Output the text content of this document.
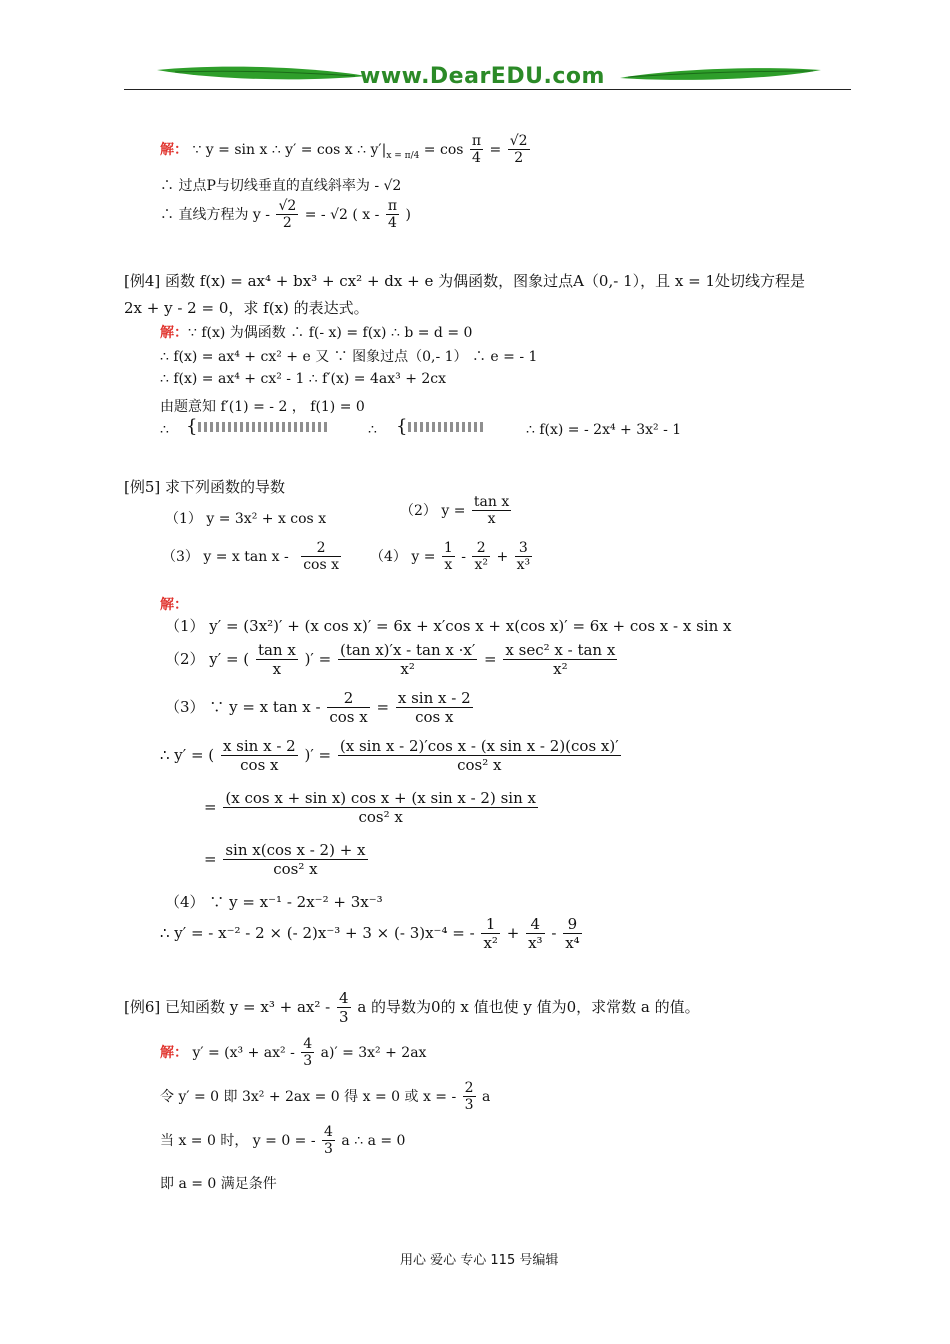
www.DearEDU.com
解： ∵ y = sin x ∴ y′ = cos x ∴ $y'|_{x = \pi/4} = \cos \frac{\pi}{4} = \frac{√2}{2}$
∴ 过点P与切线垂直的直线斜率为 - √2
∴ 直线方程为 y - $\frac{√2}{2}$ = - √2 ( x - $\frac{\pi}{4}$ )
[例4] 函数 f(x) = ax⁴ + bx³ + cx² + dx + e 为偶函数，图象过点A（0,- 1），且 x = 1处切线方程是
2x + y - 2 = 0，求 f(x) 的表达式。
解：∵ f(x) 为偶函数 ∴ f(- x) = f(x) ∴ b = d = 0
∴ f(x) = ax⁴ + cx² + e 又 ∵ 图象过点（0,- 1） ∴ e = - 1
∴ f(x) = ax⁴ + cx² - 1 ∴ f′(x) = 4ax³ + 2cx
由题意知 f′(1) = - 2 ， f(1) = 0
∴ {	∴ {	∴ f(x) = - 2x⁴ + 3x² - 1
[例5] 求下列函数的导数
（1） y = 3x² + x cos x
（2） $y = \frac{\text{tan x}}{x}$
（3） y = x $\tan x - \frac{2}{\text{cos x}} (4) y = \frac{1}{x} - \frac{2}{\text{x²}} + \frac{3}{\text{x³}}$
解：
（1） y′ = (3x²)′ + (x cos x)′ = 6x + x′cos x + x(cos x)′ = 6x + cos x - x sin x
（2） y′ = ( $\frac{\text{tan x}}{x}$ )′ = $\frac{\text{(tan x)′x - tan x ·x′}}{\text{x²}} = \frac{\text{x sec² x - tan x}}{\text{x²}}$
（3） ∵ y = x $\tan x - \frac{2}{\text{cos x}} = \frac{\text{x sin x - 2}}{\text{cos x}}$
∴ y′ = ( $\frac{\text{x sin x - 2}}{\text{cos x}}$ )′ = $\frac{\text{(x sin x - 2)′cos x - (x sin x - 2)(cos x)′}}{\text{cos² x}}$
= $\frac{\text{(x cos x + sin x) cos x + (x sin x - 2) sin x}}{\text{cos² x}}$
= $\frac{\text{sin x(cos x - 2) + x}}{\text{cos² x}}$
（4） ∵ y = x⁻¹ - 2x⁻² + 3x⁻³
∴ y′ = - x⁻² - 2 × (- 2)x⁻³ + 3 × (- 3)x⁻⁴ = - $\frac{1}{\text{x²}} + \frac{4}{\text{x³}} - \frac{9}{\text{x⁴}}$
[例6] 已知函数 $y = x^3 + ax^2 - \frac{4}{3}$ a 的导数为0的 x 值也使 y 值为0，求常数 a 的值。
解： $y' = (x^3 + ax^2 - \frac{4}{3} a)' = 3x^2 + 2ax$
令 y′ = 0 即 3x² + 2ax = 0 得 x = 0 或 x = - $\frac{2}{3}$ a
当 x = 0 时， y = 0 = - $\frac{4}{3}$ a ∴ a = 0
即 a = 0 满足条件
用心 爱心 专心 115 号编辑
